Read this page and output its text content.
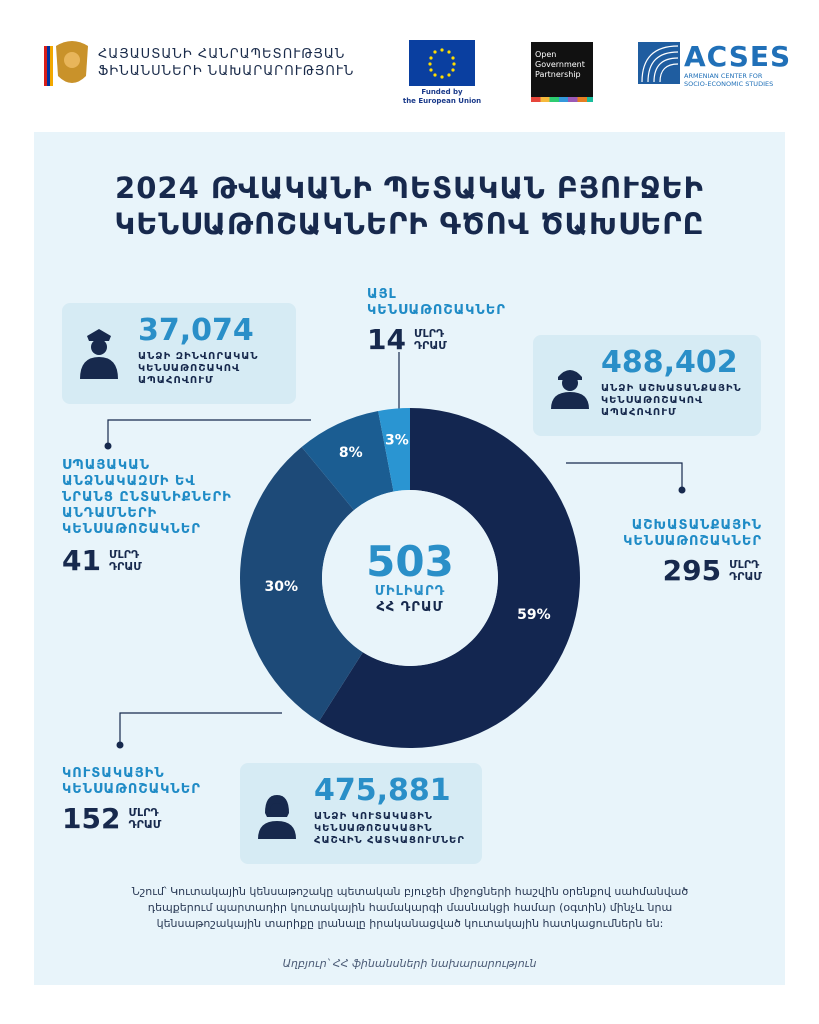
ՀԱՅԱՍՏԱՆԻ ՀԱՆՐԱՊԵՏՈՒԹՅԱՆ
ՖԻՆԱՆՍՆԵՐԻ ՆԱԽԱՐԱՐՈՒԹՅՈՒՆ
Funded by
the European Union
Open
Government
Partnership
ACSES
ARMENIAN CENTER FOR
SOCIO-ECONOMIC STUDIES
2024 ԹՎԱԿԱՆԻ ՊԵՏԱԿԱՆ ԲՅՈՒՋԵԻ
ԿԵՆՍԱԹՈՇԱԿՆԵՐԻ ԳԾՈՎ ԾԱԽՍԵՐԸ
59%
30%
8%
3%
503
ՄԻԼԻԱՐԴ
ՀՀ ԴՐԱՄ
37,074
ԱՆՁԻ ԶԻՆՎՈՐԱԿԱՆ
ԿԵՆՍԱԹՈՇԱԿՈՎ
ԱՊԱՀՈՎՈՒՄ
488,402
ԱՆՁԻ ԱՇԽԱՏԱՆՔԱՅԻՆ
ԿԵՆՍԱԹՈՇԱԿՈՎ
ԱՊԱՀՈՎՈՒՄ
475,881
ԱՆՁԻ ԿՈՒՏԱԿԱՅԻՆ
ԿԵՆՍԱԹՈՇԱԿԱՅԻՆ
ՀԱՇՎԻՆ ՀԱՏԿԱՑՈՒՄՆԵՐ
ԱՅԼ
ԿԵՆՍԱԹՈՇԱԿՆԵՐ
14 ՄԼՐԴ
ԴՐԱՄ
ՍՊԱՅԱԿԱՆ
ԱՆՁՆԱԿԱԶՄԻ ԵՎ
ՆՐԱՆՑ ԸՆՏԱՆԻՔՆԵՐԻ
ԱՆԴԱՄՆԵՐԻ
ԿԵՆՍԱԹՈՇԱԿՆԵՐ
41 ՄԼՐԴ
ԴՐԱՄ
ԱՇԽԱՏԱՆՔԱՅԻՆ
ԿԵՆՍԱԹՈՇԱԿՆԵՐ
295 ՄԼՐԴ
ԴՐԱՄ
ԿՈՒՏԱԿԱՅԻՆ
ԿԵՆՍԱԹՈՇԱԿՆԵՐ
152 ՄԼՐԴ
ԴՐԱՄ
Նշում՝ Կուտակային կենսաթոշակը պետական բյուջեի միջոցների հաշվին օրենքով սահմանված
դեպքերում պարտադիր կուտակային համակարգի մասնակցի համար (օգտին) մինչև նրա
կենսաթոշակային տարիքը լրանալը իրականացված կուտակային հատկացումներն են:
Աղբյուր՝ ՀՀ ֆինանսների նախարարություն
